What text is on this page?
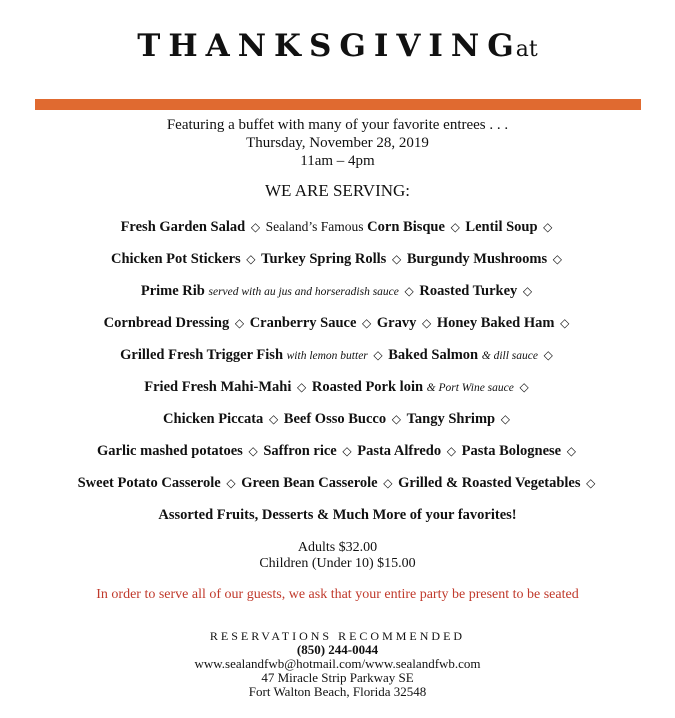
THANKSGIVINGat
Featuring a buffet with many of your favorite entrees . . .
Thursday, November 28, 2019
11am – 4pm
WE ARE SERVING:
Fresh Garden Salad ◇ Sealand’s Famous Corn Bisque ◇ Lentil Soup ◇
Chicken Pot Stickers ◇ Turkey Spring Rolls ◇ Burgundy Mushrooms ◇
Prime Rib served with au jus and horseradish sauce ◇ Roasted Turkey ◇
Cornbread Dressing ◇ Cranberry Sauce ◇ Gravy ◇ Honey Baked Ham ◇
Grilled Fresh Trigger Fish with lemon butter ◇ Baked Salmon & dill sauce ◇
Fried Fresh Mahi-Mahi ◇ Roasted Pork loin & Port Wine sauce ◇
Chicken Piccata ◇ Beef Osso Bucco ◇ Tangy Shrimp ◇
Garlic mashed potatoes ◇ Saffron rice ◇ Pasta Alfredo ◇ Pasta Bolognese ◇
Sweet Potato Casserole ◇ Green Bean Casserole ◇ Grilled & Roasted Vegetables ◇
Assorted Fruits, Desserts & Much More of your favorites!
Adults $32.00
Children (Under 10) $15.00
In order to serve all of our guests, we ask that your entire party be present to be seated
RESERVATIONS RECOMMENDED
(850) 244-0044
www.sealandfwb@hotmail.com/www.sealandfwb.com
47 Miracle Strip Parkway SE
Fort Walton Beach, Florida 32548
